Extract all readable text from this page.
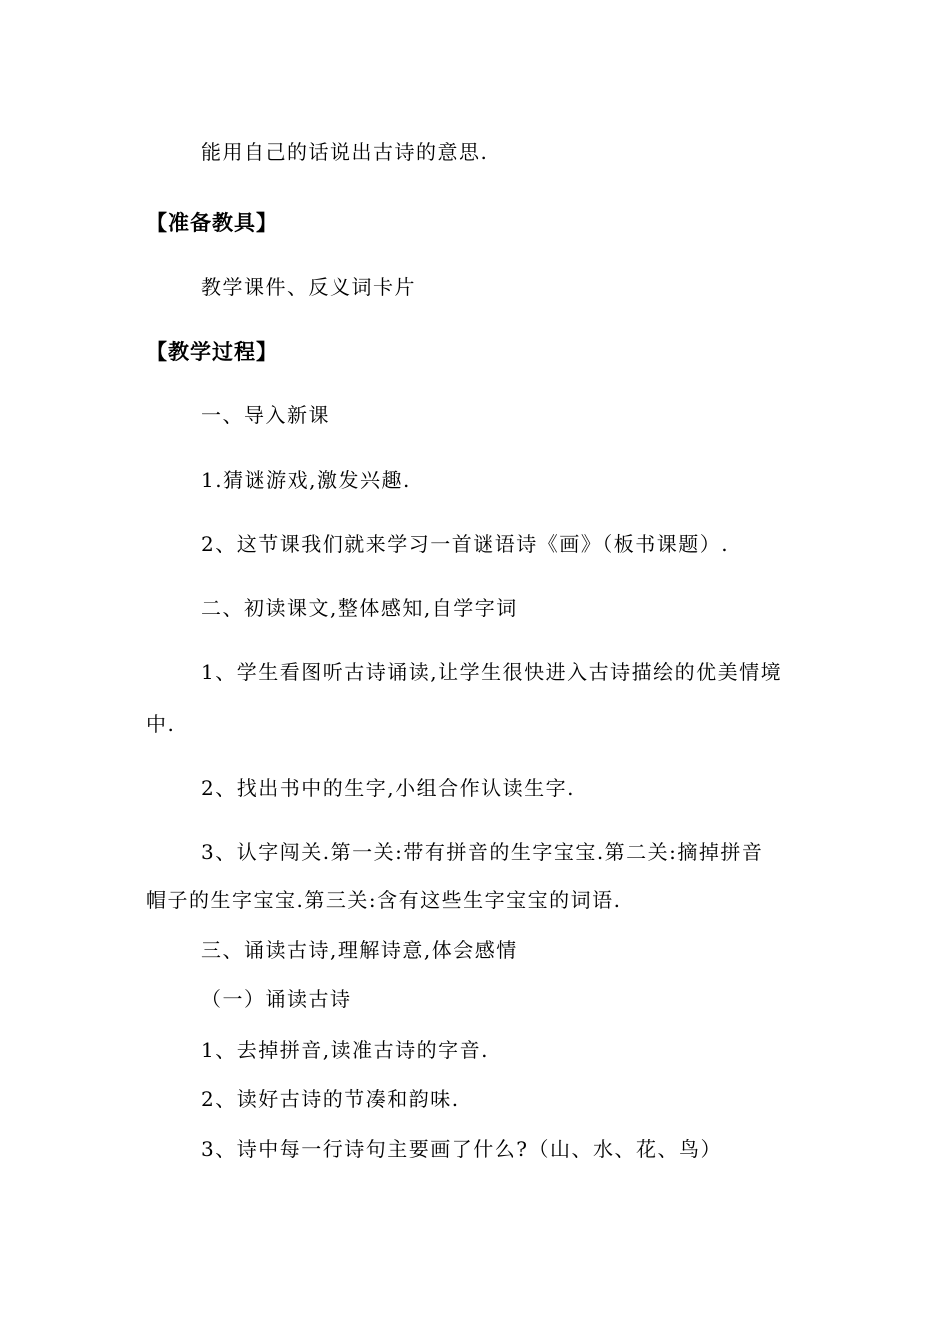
能用自己的话说出古诗的意思.
【准备教具】
教学课件、反义词卡片
【教学过程】
一、导入新课
1.猜谜游戏,激发兴趣.
2、这节课我们就来学习一首谜语诗《画》（板书课题）.
二、初读课文,整体感知,自学字词
1、学生看图听古诗诵读,让学生很快进入古诗描绘的优美情境
中.
2、找出书中的生字,小组合作认读生字.
3、认字闯关.第一关:带有拼音的生字宝宝.第二关:摘掉拼音
帽子的生字宝宝.第三关:含有这些生字宝宝的词语.
三、诵读古诗,理解诗意,体会感情
（一）诵读古诗
1、去掉拼音,读准古诗的字音.
2、读好古诗的节凑和韵味.
3、诗中每一行诗句主要画了什么?（山、水、花、鸟）
